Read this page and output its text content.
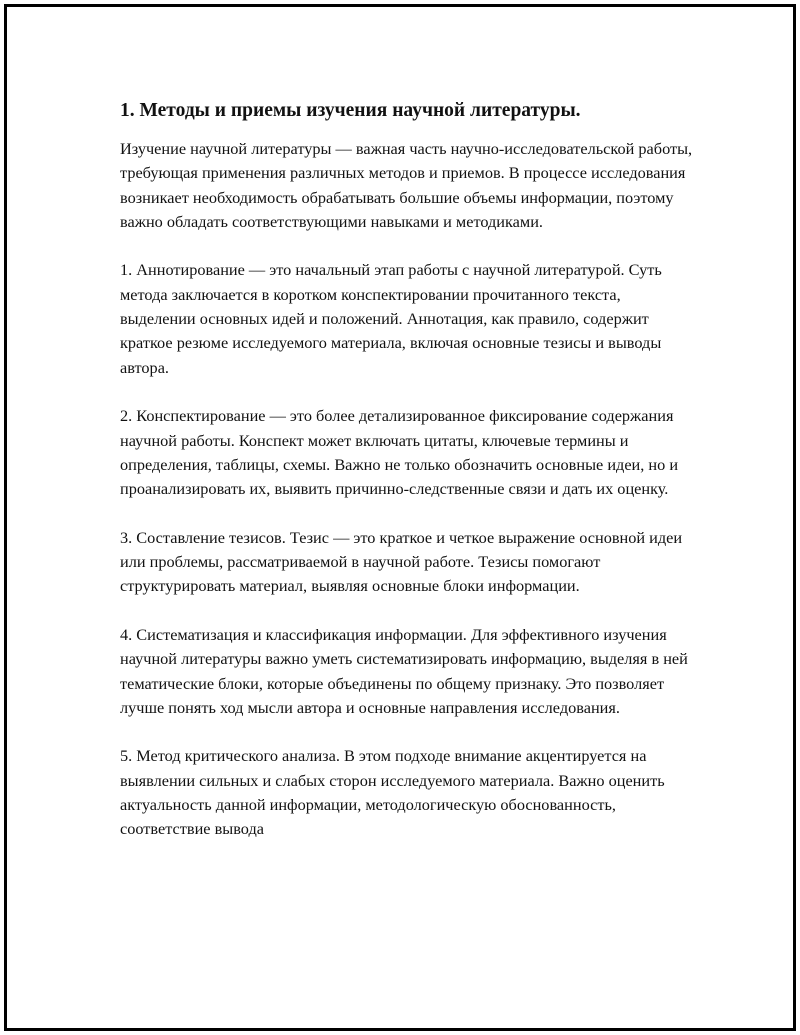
1. Методы и приемы изучения научной литературы.

Изучение научной литературы — важная часть научно-исследовательской работы, требующая применения различных методов и приемов. В процессе исследования возникает необходимость обрабатывать большие объемы информации, поэтому важно обладать соответствующими навыками и методиками.

1. Аннотирование — это начальный этап работы с научной литературой. Суть метода заключается в коротком конспектировании прочитанного текста, выделении основных идей и положений. Аннотация, как правило, содержит краткое резюме исследуемого материала, включая основные тезисы и выводы автора.

2. Конспектирование — это более детализированное фиксирование содержания научной работы. Конспект может включать цитаты, ключевые термины и определения, таблицы, схемы. Важно не только обозначить основные идеи, но и проанализировать их, выявить причинно-следственные связи и дать их оценку.

3. Составление тезисов. Тезис — это краткое и четкое выражение основной идеи или проблемы, рассматриваемой в научной работе. Тезисы помогают структурировать материал, выявляя основные блоки информации.

4. Систематизация и классификация информации. Для эффективного изучения научной литературы важно уметь систематизировать информацию, выделяя в ней тематические блоки, которые объединены по общему признаку. Это позволяет лучше понять ход мысли автора и основные направления исследования.

5. Метод критического анализа. В этом подходе внимание акцентируется на выявлении сильных и слабых сторон исследуемого материала. Важно оценить актуальность данной информации, методологическую обоснованность, соответствие вывода
